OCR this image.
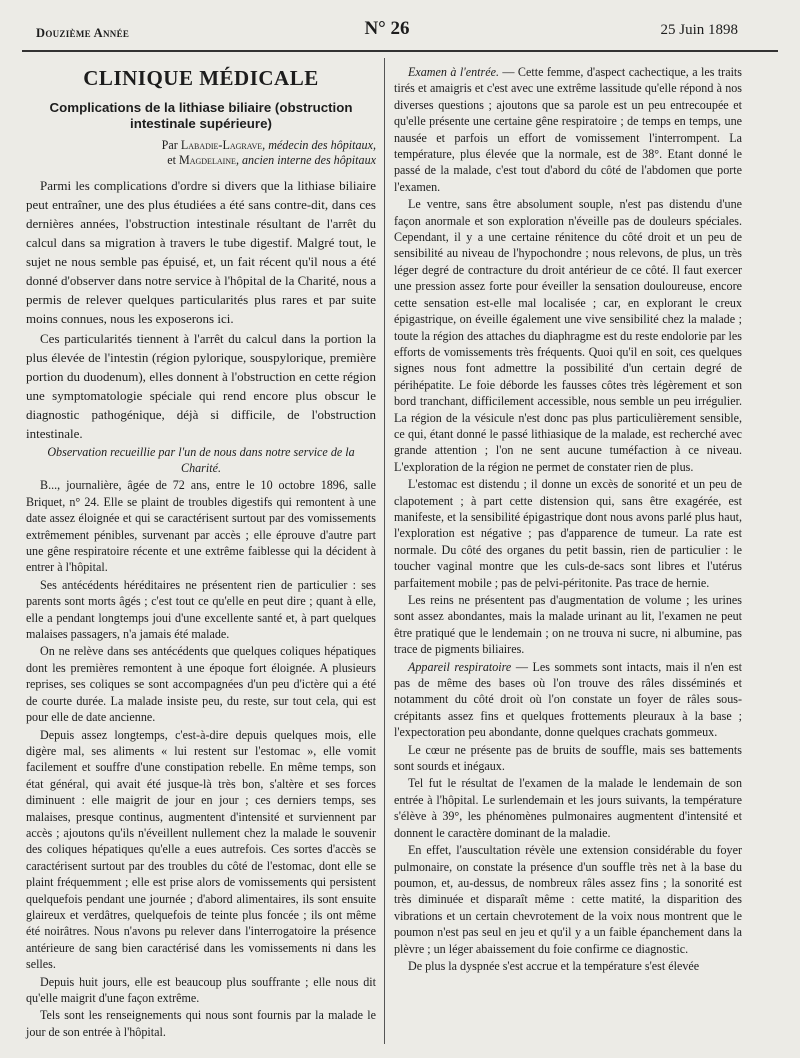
Douzième Année	N° 26	25 Juin 1898
CLINIQUE MÉDICALE
Complications de la lithiase biliaire (obstruction intestinale supérieure)
Par Labadie-Lagrave, médecin des hôpitaux,
et Magdelaine, ancien interne des hôpitaux

Parmi les complications d'ordre si divers que la lithiase biliaire peut entraîner, une des plus étudiées a été sans contre-dit, dans ces dernières années, l'obstruction intestinale résultant de l'arrêt du calcul dans sa migration à travers le tube digestif. Malgré tout, le sujet ne nous semble pas épuisé, et, un fait récent qu'il nous a été donné d'observer dans notre service à l'hôpital de la Charité, nous a permis de relever quelques particularités plus rares et par suite moins connues, nous les exposerons ici.

Ces particularités tiennent à l'arrêt du calcul dans la portion la plus élevée de l'intestin (région pylorique, souspylorique, première portion du duodenum), elles donnent à l'obstruction en cette région une symptomatologie spéciale qui rend encore plus obscur le diagnostic pathogénique, déjà si difficile, de l'obstruction intestinale.

Observation recueillie par l'un de nous dans notre service de la Charité.

B..., journalière, âgée de 72 ans, entre le 10 octobre 1896, salle Briquet, n° 24. Elle se plaint de troubles digestifs qui remontent à une date assez éloignée et qui se caractérisent surtout par des vomissements extrêmement pénibles, survenant par accès ; elle éprouve d'autre part une gêne respiratoire récente et une extrême faiblesse qui la décident à entrer à l'hôpital.

Ses antécédents héréditaires ne présentent rien de particulier : ses parents sont morts âgés ; c'est tout ce qu'elle en peut dire ; quant à elle, elle a pendant longtemps joui d'une excellente santé et, à part quelques malaises passagers, n'a jamais été malade.

On ne relève dans ses antécédents que quelques coliques hépatiques dont les premières remontent à une époque fort éloignée. A plusieurs reprises, ses coliques se sont accompagnées d'un peu d'ictère qui a été de courte durée. La malade insiste peu, du reste, sur tout cela, qui est pour elle de date ancienne.

Depuis assez longtemps, c'est-à-dire depuis quelques mois, elle digère mal, ses aliments « lui restent sur l'estomac », elle vomit facilement et souffre d'une constipation rebelle. En même temps, son état général, qui avait été jusque-là très bon, s'altère et ses forces diminuent : elle maigrit de jour en jour ; ces derniers temps, ses malaises, presque continus, augmentent d'intensité et surviennent par accès ; ajoutons qu'ils n'éveillent nullement chez la malade le souvenir des coliques hépatiques qu'elle a eues autrefois. Ces sortes d'accès se caractérisent surtout par des troubles du côté de l'estomac, dont elle se plaint fréquemment ; elle est prise alors de vomissements qui persistent quelquefois pendant une journée ; d'abord alimentaires, ils sont ensuite glaireux et verdâtres, quelquefois de teinte plus foncée ; ils ont même été noirâtres. Nous n'avons pu relever dans l'interrogatoire la présence antérieure de sang bien caractérisé dans les vomissements ni dans les selles.

Depuis huit jours, elle est beaucoup plus souffrante ; elle nous dit qu'elle maigrit d'une façon extrême.

Tels sont les renseignements qui nous sont fournis par la malade le jour de son entrée à l'hôpital.

Examen à l'entrée. — Cette femme, d'aspect cachectique, a les traits tirés et amaigris et c'est avec une extrême lassitude qu'elle répond à nos diverses questions ; ajoutons que sa parole est un peu entrecoupée et qu'elle présente une certaine gêne respiratoire ; de temps en temps, une nausée et parfois un effort de vomissement l'interrompent. La température, plus élevée que la normale, est de 38°. Etant donné le passé de la malade, c'est tout d'abord du côté de l'abdomen que porte l'examen.

Le ventre, sans être absolument souple, n'est pas distendu d'une façon anormale et son exploration n'éveille pas de douleurs spéciales. Cependant, il y a une certaine rénitence du côté droit et un peu de sensibilité au niveau de l'hypochondre ; nous relevons, de plus, un très léger degré de contracture du droit antérieur de ce côté. Il faut exercer une pression assez forte pour éveiller la sensation douloureuse, encore cette sensation est-elle mal localisée ; car, en explorant le creux épigastrique, on éveille également une vive sensibilité chez la malade ; toute la région des attaches du diaphragme est du reste endolorie par les efforts de vomissements très fréquents. Quoi qu'il en soit, ces quelques signes nous font admettre la possibilité d'un certain degré de périhépatite. Le foie déborde les fausses côtes très légèrement et son bord tranchant, difficilement accessible, nous semble un peu irrégulier. La région de la vésicule n'est donc pas plus particulièrement sensible, ce qui, étant donné le passé lithiasique de la malade, est recherché avec grande attention ; l'on ne sent aucune tuméfaction à ce niveau. L'exploration de la région ne permet de constater rien de plus.

L'estomac est distendu ; il donne un excès de sonorité et un peu de clapotement ; à part cette distension qui, sans être exagérée, est manifeste, et la sensibilité épigastrique dont nous avons parlé plus haut, l'exploration est négative ; pas d'apparence de tumeur. La rate est normale. Du côté des organes du petit bassin, rien de particulier : le toucher vaginal montre que les culs-de-sacs sont libres et l'utérus parfaitement mobile ; pas de pelvi-péritonite. Pas trace de hernie.

Les reins ne présentent pas d'augmentation de volume ; les urines sont assez abondantes, mais la malade urinant au lit, l'examen ne peut être pratiqué que le lendemain ; on ne trouva ni sucre, ni albumine, pas trace de pigments biliaires.

Appareil respiratoire — Les sommets sont intacts, mais il n'en est pas de même des bases où l'on trouve des râles disséminés et notamment du côté droit où l'on constate un foyer de râles sous-crépitants assez fins et quelques frottements pleuraux à la base ; l'expectoration peu abondante, donne quelques crachats gommeux.

Le cœur ne présente pas de bruits de souffle, mais ses battements sont sourds et inégaux.

Tel fut le résultat de l'examen de la malade le lendemain de son entrée à l'hôpital. Le surlendemain et les jours suivants, la température s'élève à 39°, les phénomènes pulmonaires augmentent d'intensité et donnent le caractère dominant de la maladie.

En effet, l'auscultation révèle une extension considérable du foyer pulmonaire, on constate la présence d'un souffle très net à la base du poumon, et, au-dessus, de nombreux râles assez fins ; la sonorité est très diminuée et disparaît même : cette matité, la disparition des vibrations et un certain chevrotement de la voix nous montrent que le poumon n'est pas seul en jeu et qu'il y a un faible épanchement dans la plèvre ; un léger abaissement du foie confirme ce diagnostic.

De plus la dyspnée s'est accrue et la température s'est élevée
